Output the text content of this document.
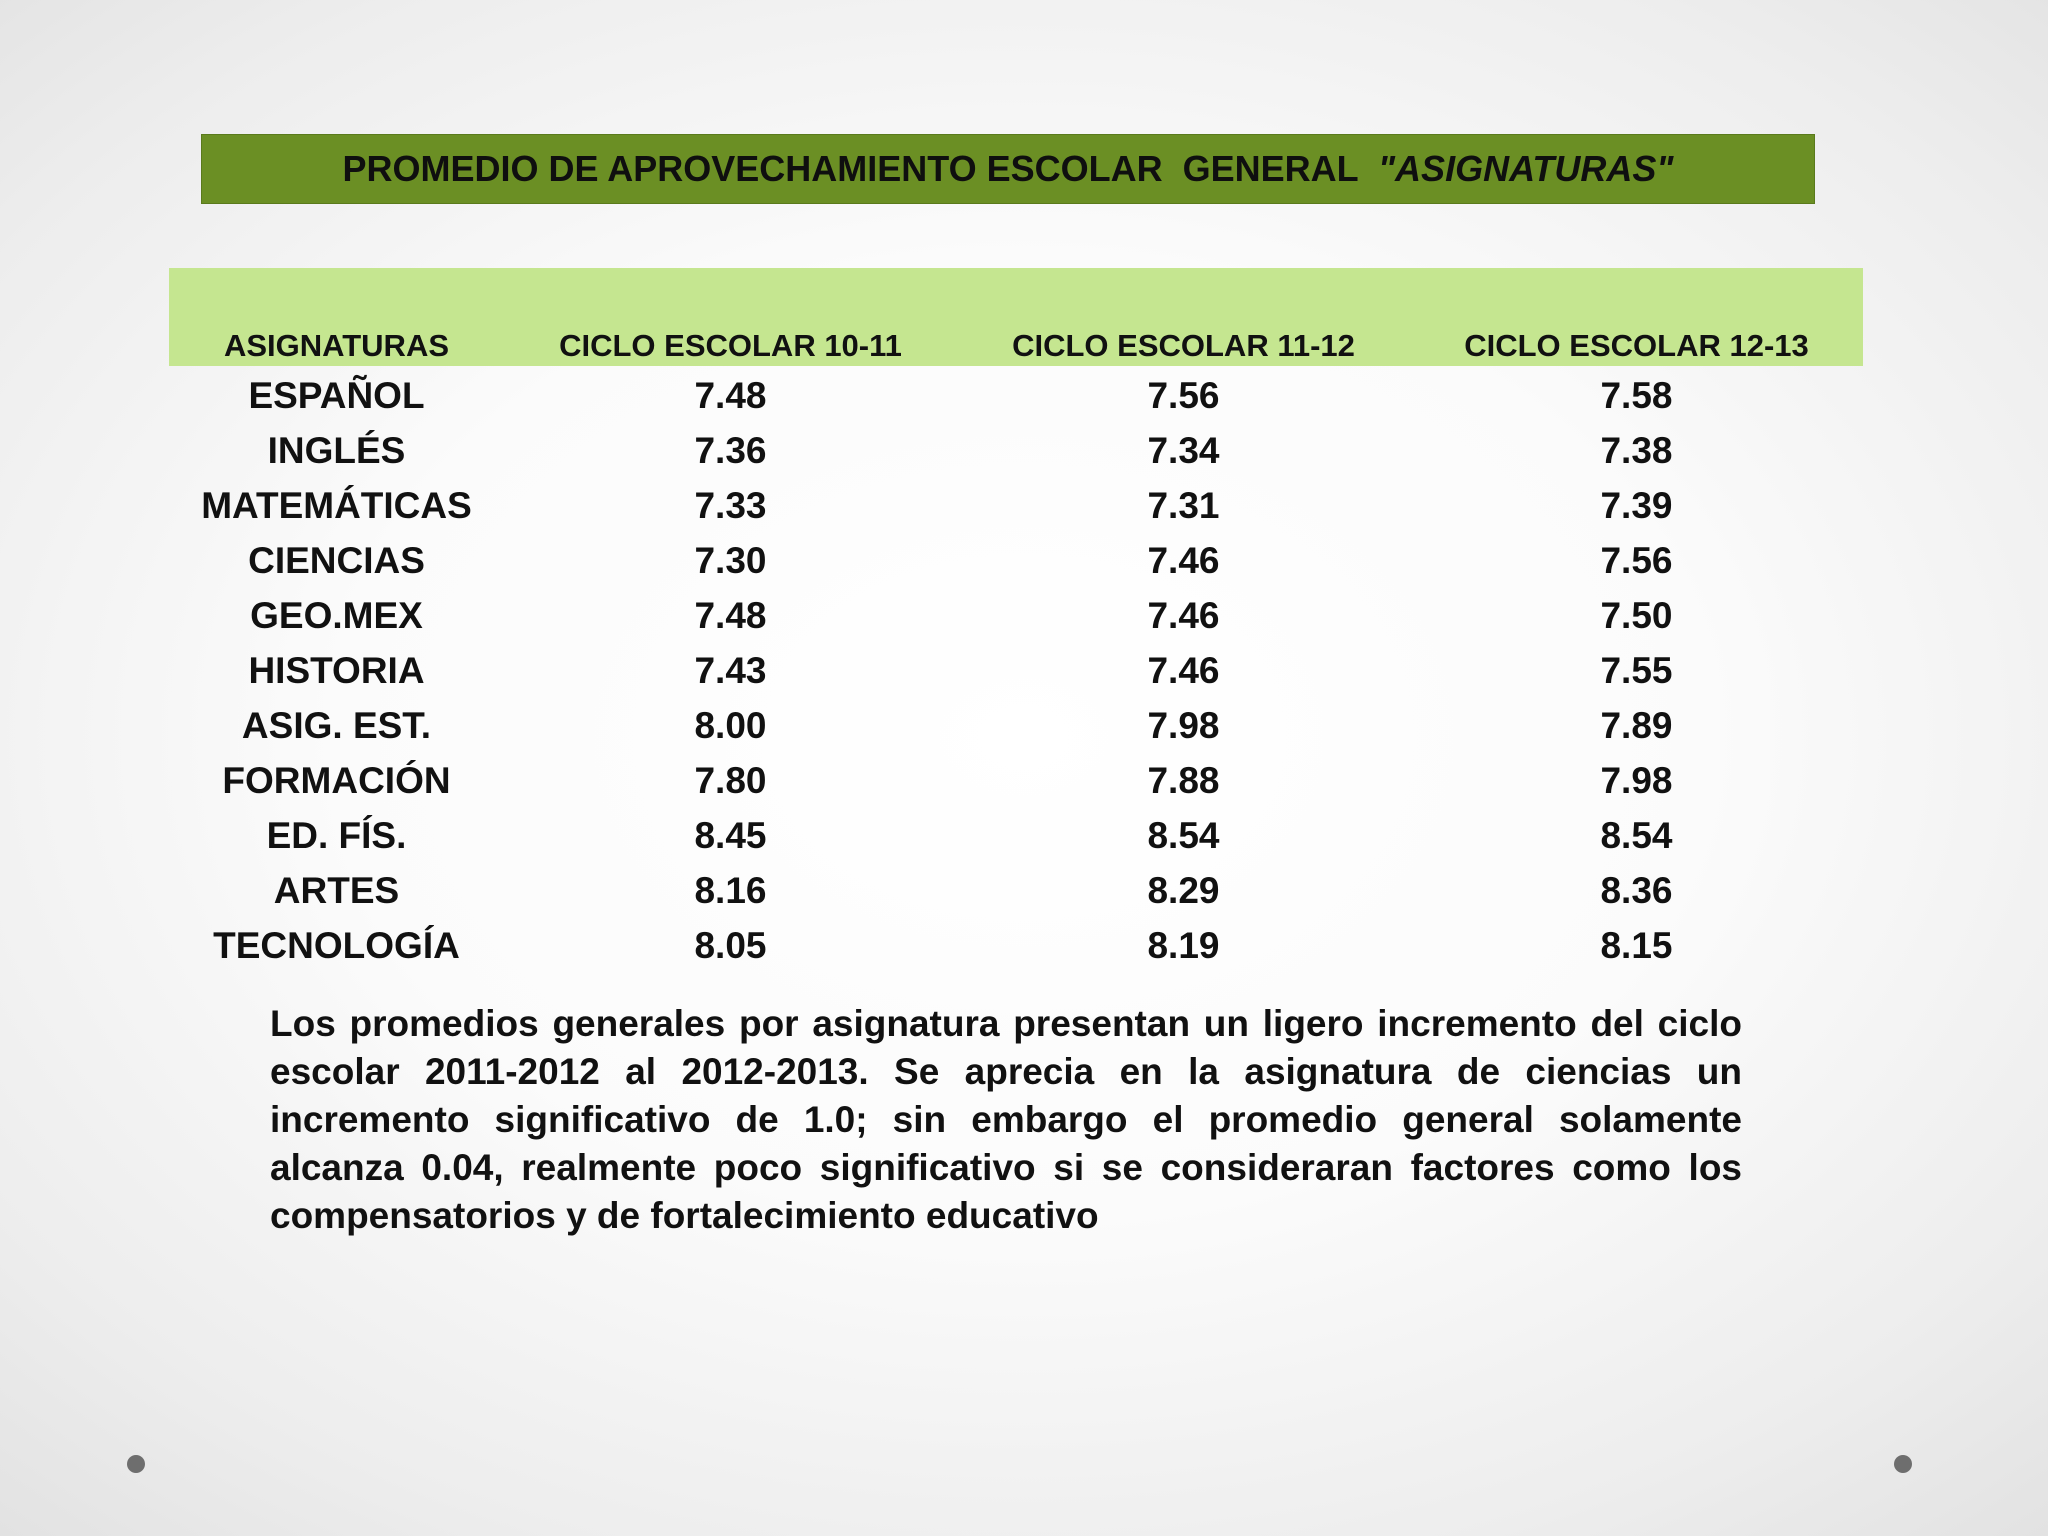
PROMEDIO DE APROVECHAMIENTO ESCOLAR  GENERAL "ASIGNATURAS"
ASIGNATURAS	CICLO ESCOLAR 10-11	CICLO ESCOLAR 11-12	CICLO ESCOLAR 12-13
ESPAÑOL	7.48	7.56	7.58
INGLÉS	7.36	7.34	7.38
MATEMÁTICAS	7.33	7.31	7.39
CIENCIAS	7.30	7.46	7.56
GEO.MEX	7.48	7.46	7.50
HISTORIA	7.43	7.46	7.55
ASIG. EST.	8.00	7.98	7.89
FORMACIÓN	7.80	7.88	7.98
ED. FÍS.	8.45	8.54	8.54
ARTES	8.16	8.29	8.36
TECNOLOGÍA	8.05	8.19	8.15
Los promedios generales por asignatura presentan un ligero incremento del ciclo escolar 2011-2012 al 2012-2013. Se aprecia en la asignatura de ciencias un incremento significativo de 1.0; sin embargo el promedio general solamente alcanza 0.04, realmente poco significativo si se consideraran factores como los compensatorios y de fortalecimiento educativo
